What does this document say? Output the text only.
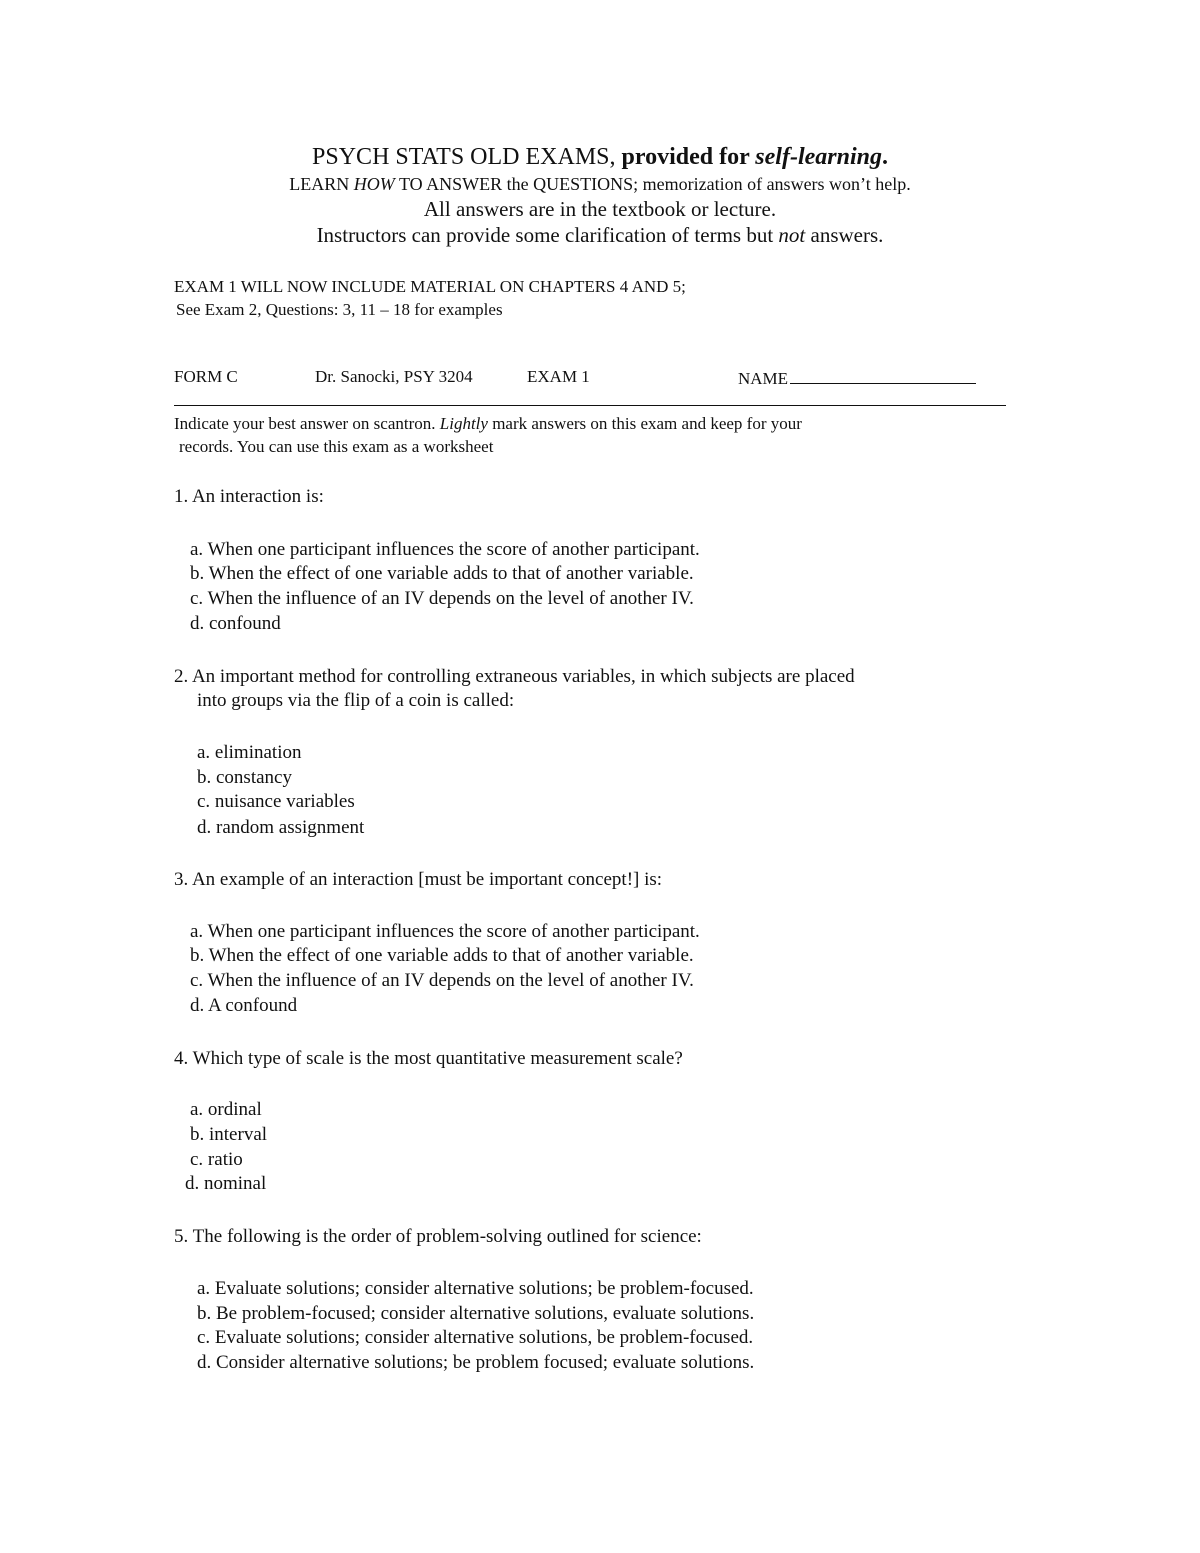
PSYCH STATS OLD EXAMS, provided for self-learning.
LEARN HOW TO ANSWER the QUESTIONS; memorization of answers won’t help.
All answers are in the textbook or lecture.
Instructors can provide some clarification of terms but not answers.
EXAM 1 WILL NOW INCLUDE MATERIAL ON CHAPTERS 4 AND 5;
See Exam 2, Questions: 3, 11 – 18 for examples
FORM C	Dr. Sanocki, PSY 3204	EXAM 1	NAME
Indicate your best answer on scantron. Lightly mark answers on this exam and keep for your
records. You can use this exam as a worksheet
1. An interaction is:
a. When one participant influences the score of another participant.
b. When the effect of one variable adds to that of another variable.
c. When the influence of an IV depends on the level of another IV.
d. confound
2. An important method for controlling extraneous variables, in which subjects are placed
into groups via the flip of a coin is called:
a. elimination
b. constancy
c. nuisance variables
d. random assignment
3. An example of an interaction [must be important concept!] is:
a. When one participant influences the score of another participant.
b. When the effect of one variable adds to that of another variable.
c. When the influence of an IV depends on the level of another IV.
d. A confound
4. Which type of scale is the most quantitative measurement scale?
a. ordinal
b. interval
c. ratio
d. nominal
5. The following is the order of problem-solving outlined for science:
a. Evaluate solutions; consider alternative solutions; be problem-focused.
b. Be problem-focused; consider alternative solutions, evaluate solutions.
c. Evaluate solutions; consider alternative solutions, be problem-focused.
d. Consider alternative solutions; be problem focused; evaluate solutions.
